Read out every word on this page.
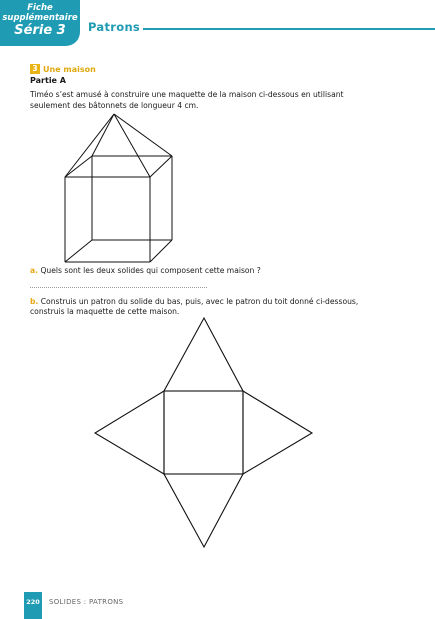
Fiche supplémentaire
Série 3	Patrons
3 Une maison
Partie A
Timéo s’est amusé à construire une maquette de la maison ci-dessous en utilisant seulement des bâtonnets de longueur 4 cm.
a. Quels sont les deux solides qui composent cette maison ?
b. Construis un patron du solide du bas, puis, avec le patron du toit donné ci-dessous, construis la maquette de cette maison.
220	SOLIDES : PATRONS
